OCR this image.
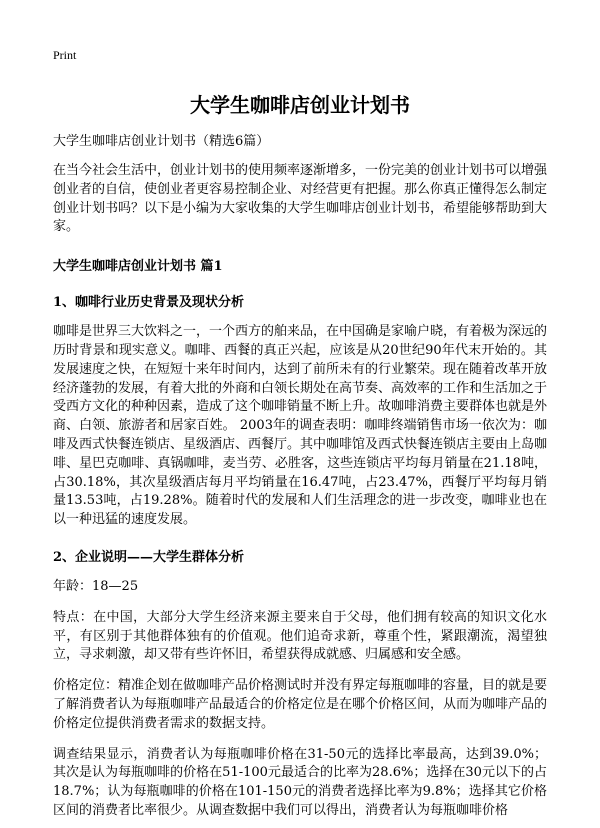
Print

大学生咖啡店创业计划书

大学生咖啡店创业计划书（精选6篇）

在当今社会生活中，创业计划书的使用频率逐渐增多，一份完美的创业计划书可以增强创业者的自信，使创业者更容易控制企业、对经营更有把握。那么你真正懂得怎么制定创业计划书吗？以下是小编为大家收集的大学生咖啡店创业计划书，希望能够帮助到大家。

大学生咖啡店创业计划书 篇1

1、咖啡行业历史背景及现状分析

咖啡是世界三大饮料之一，一个西方的舶来品，在中国确是家喻户晓，有着极为深远的历时背景和现实意义。咖啡、西餐的真正兴起，应该是从20世纪90年代末开始的。其发展速度之快，在短短十来年时间内，达到了前所未有的行业繁荣。现在随着改革开放经济蓬勃的发展，有着大批的外商和白领长期处在高节奏、高效率的工作和生活加之于受西方文化的种种因素，造成了这个咖啡销量不断上升。故咖啡消费主要群体也就是外商、白领、旅游者和居家百姓。 2003年的调查表明：咖啡终端销售市场一依次为：咖啡及西式快餐连锁店、星级酒店、西餐厅。其中咖啡馆及西式快餐连锁店主要由上岛咖啡、星巴克咖啡、真锅咖啡，麦当劳、必胜客，这些连锁店平均每月销量在21.18吨，占30.18%，其次星级酒店每月平均销量在16.47吨，占23.47%，西餐厅平均每月销量13.53吨，占19.28%。随着时代的发展和人们生活理念的进一步改变，咖啡业也在以一种迅猛的速度发展。

2、企业说明——大学生群体分析

年龄：18—25

特点：在中国，大部分大学生经济来源主要来自于父母，他们拥有较高的知识文化水平，有区别于其他群体独有的价值观。他们追奇求新，尊重个性，紧跟潮流，渴望独立，寻求刺激，却又带有些许怀旧，希望获得成就感、归属感和安全感。

价格定位：精准企划在做咖啡产品价格测试时并没有界定每瓶咖啡的容量，目的就是要了解消费者认为每瓶咖啡产品最适合的价格定位是在哪个价格区间，从而为咖啡产品的价格定位提供消费者需求的数据支持。

调查结果显示，消费者认为每瓶咖啡价格在31-50元的选择比率最高，达到39.0%；其次是认为每瓶咖啡的价格在51-100元最适合的比率为28.6%；选择在30元以下的占18.7%；认为每瓶咖啡的价格在101-150元的消费者选择比率为9.8%；选择其它价格区间的消费者比率很少。从调查数据中我们可以得出，消费者认为每瓶咖啡价格
